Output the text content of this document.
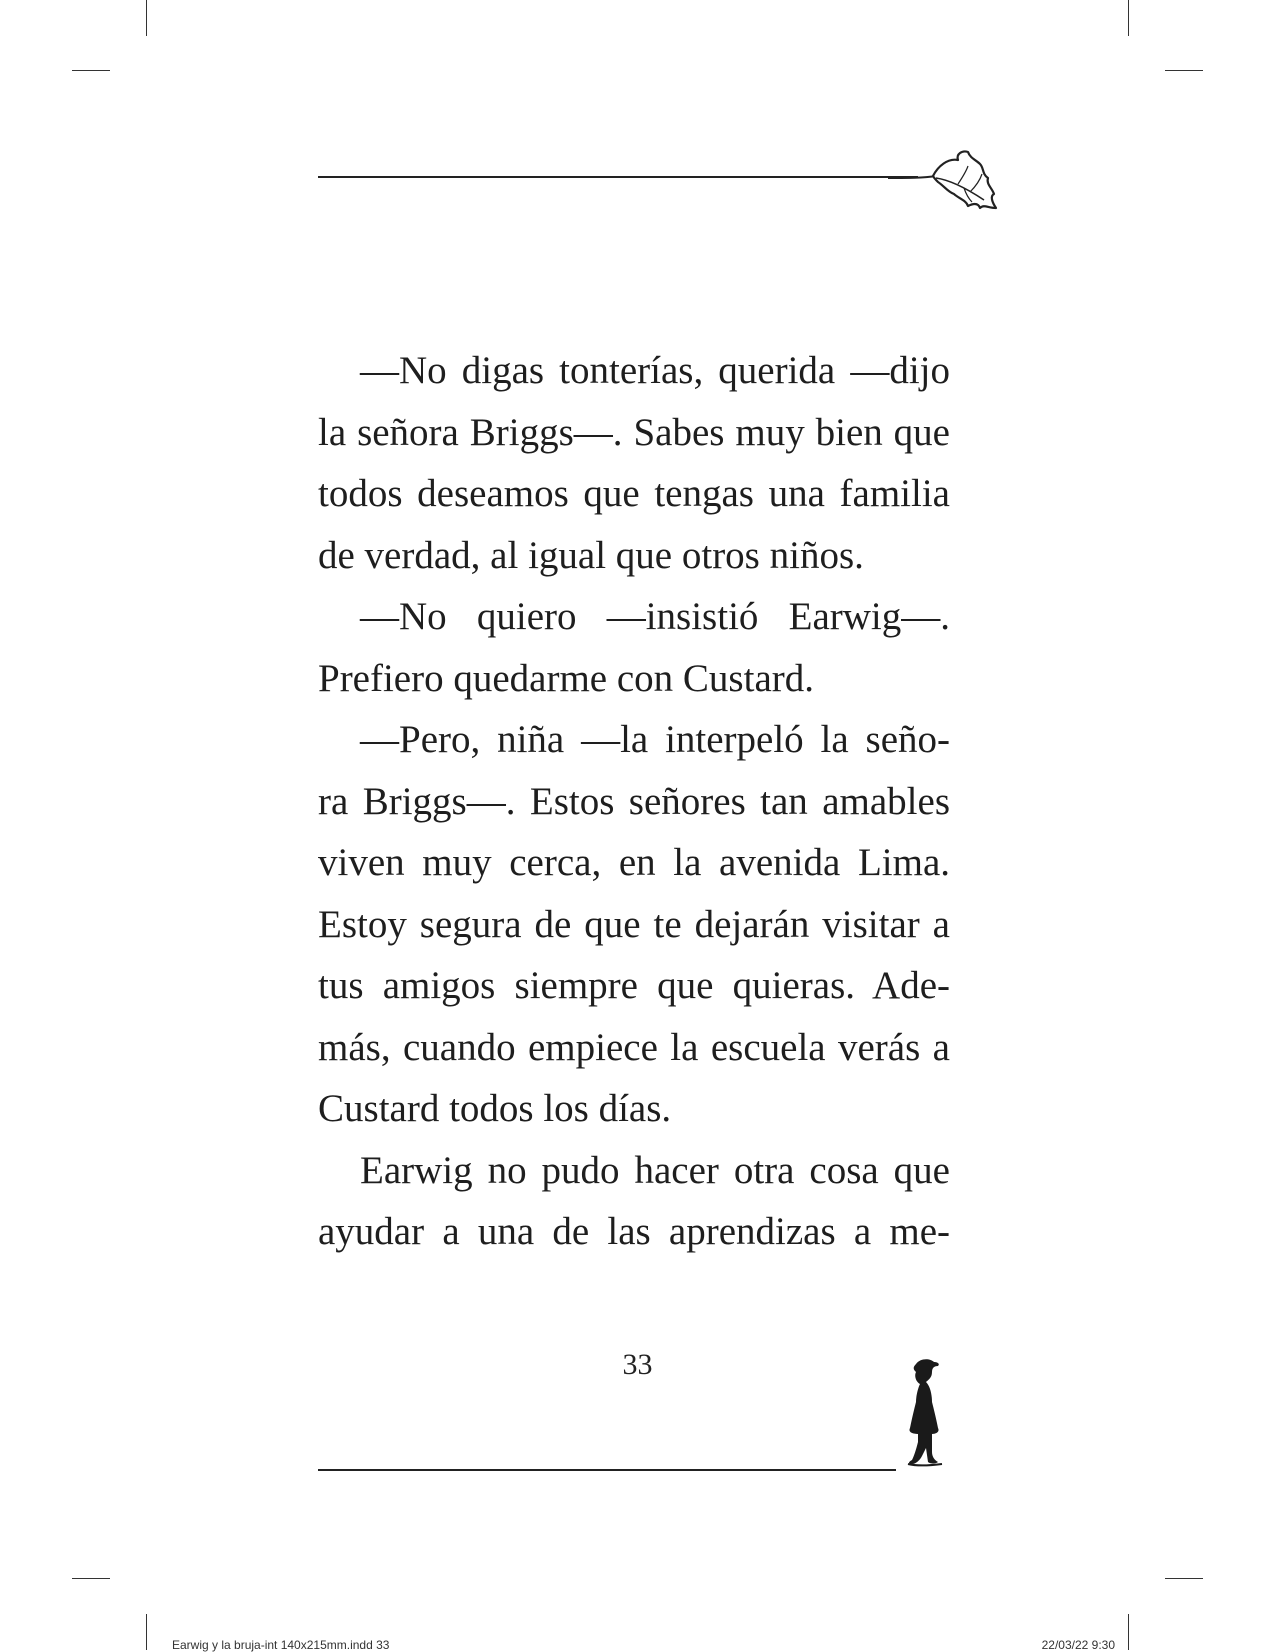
—No digas tonterías, querida —dijo
la señora Briggs—. Sabes muy bien que
todos deseamos que tengas una familia
de verdad, al igual que otros niños.

—No quiero —insistió Earwig—.
Prefiero quedarme con Custard.

—Pero, niña —la interpeló la seño-
ra Briggs—. Estos señores tan amables
viven muy cerca, en la avenida Lima.
Estoy segura de que te dejarán visitar a
tus amigos siempre que quieras. Ade-
más, cuando empiece la escuela verás a
Custard todos los días.

Earwig no pudo hacer otra cosa que
ayudar a una de las aprendizas a me-

33
Earwig y la bruja-int 140x215mm.indd 33	22/03/22 9:30
